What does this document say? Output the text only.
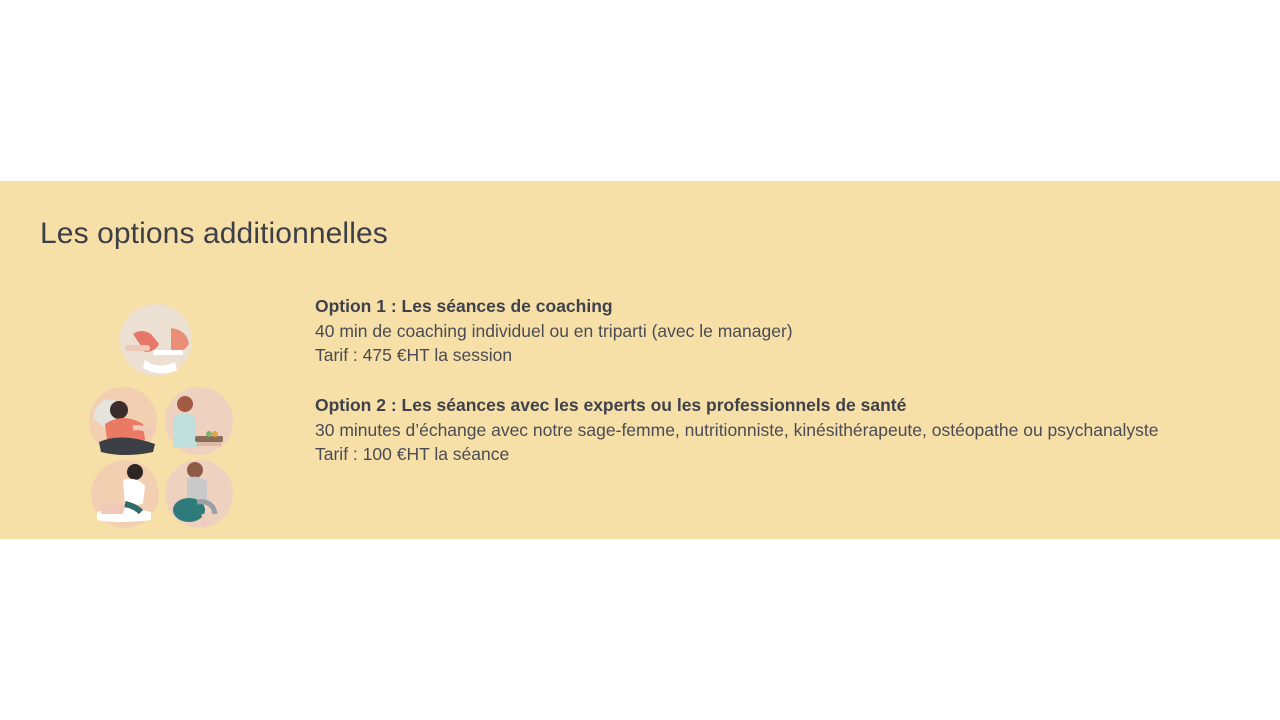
Les options additionnelles
Option 1 : Les séances de coaching
40 min de coaching individuel ou en triparti (avec le manager)
Tarif : 475 €HT la session
Option 2 : Les séances avec les experts ou les professionnels de santé
30 minutes d’échange avec notre sage-femme, nutritionniste, kinésithérapeute, ostéopathe ou psychanalyste
Tarif : 100 €HT la séance
